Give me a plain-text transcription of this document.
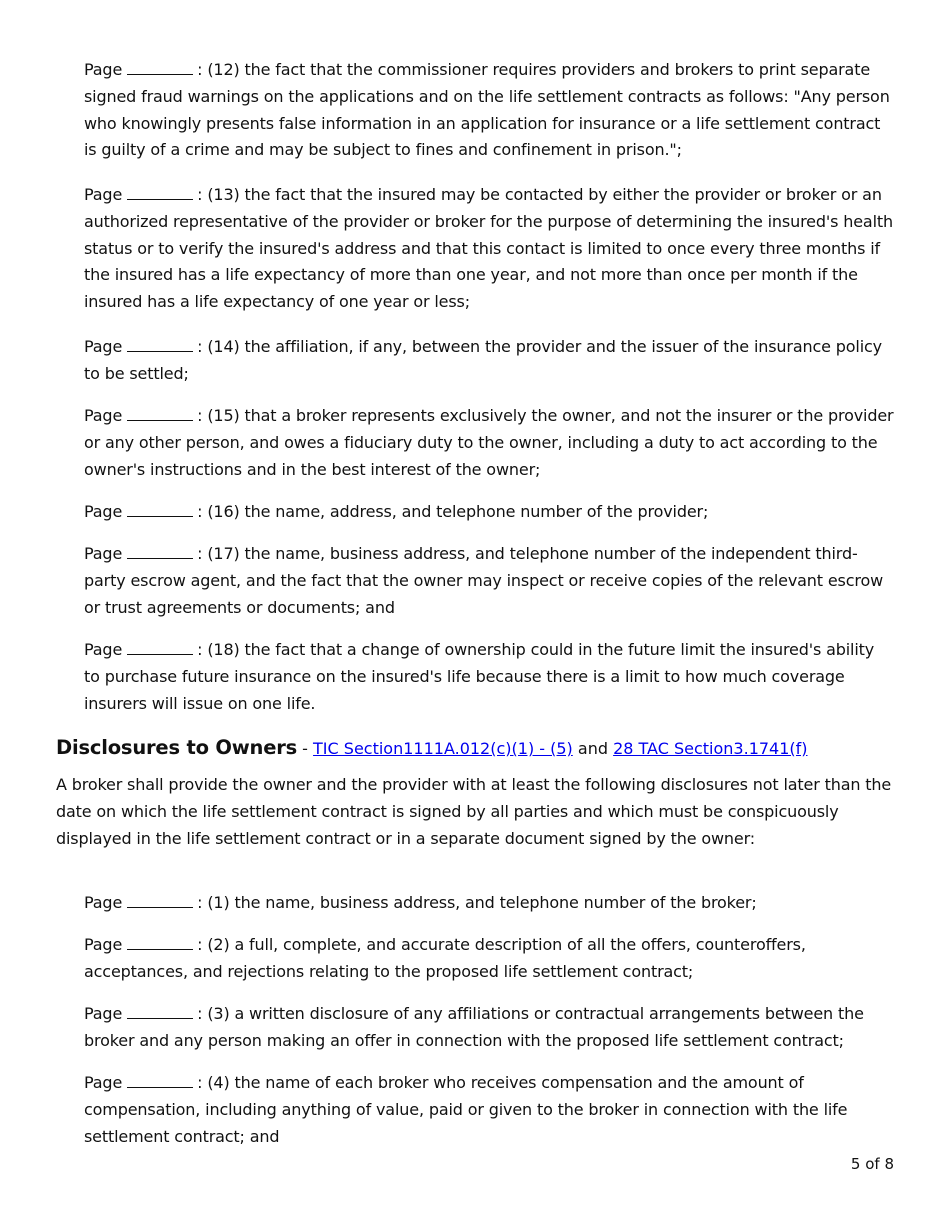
Page	: (12) the fact that the commissioner requires providers and brokers to print separate signed fraud warnings on the applications and on the life settlement contracts as follows: "Any person who knowingly presents false information in an application for insurance or a life settlement contract is guilty of a crime and may be subject to fines and confinement in prison.";
Page	: (13) the fact that the insured may be contacted by either the provider or broker or an authorized representative of the provider or broker for the purpose of determining the insured's health status or to verify the insured's address and that this contact is limited to once every three months if the insured has a life expectancy of more than one year, and not more than once per month if the insured has a life expectancy of one year or less;
Page	: (14) the affiliation, if any, between the provider and the issuer of the insurance policy to be settled;
Page	: (15) that a broker represents exclusively the owner, and not the insurer or the provider or any other person, and owes a fiduciary duty to the owner, including a duty to act according to the owner's instructions and in the best interest of the owner;
Page	: (16) the name, address, and telephone number of the provider;
Page	: (17) the name, business address, and telephone number of the independent third-party escrow agent, and the fact that the owner may inspect or receive copies of the relevant escrow or trust agreements or documents; and
Page	: (18) the fact that a change of ownership could in the future limit the insured's ability to purchase future insurance on the insured's life because there is a limit to how much coverage insurers will issue on one life.
Disclosures to Owners - TIC Section1111A.012(c)(1) - (5) and 28 TAC Section3.1741(f)
A broker shall provide the owner and the provider with at least the following disclosures not later than the date on which the life settlement contract is signed by all parties and which must be conspicuously displayed in the life settlement contract or in a separate document signed by the owner:
Page	: (1) the name, business address, and telephone number of the broker;
Page	: (2) a full, complete, and accurate description of all the offers, counteroffers, acceptances, and rejections relating to the proposed life settlement contract;
Page	: (3) a written disclosure of any affiliations or contractual arrangements between the broker and any person making an offer in connection with the proposed life settlement contract;
Page	: (4) the name of each broker who receives compensation and the amount of compensation, including anything of value, paid or given to the broker in connection with the life settlement contract; and
5 of 8
